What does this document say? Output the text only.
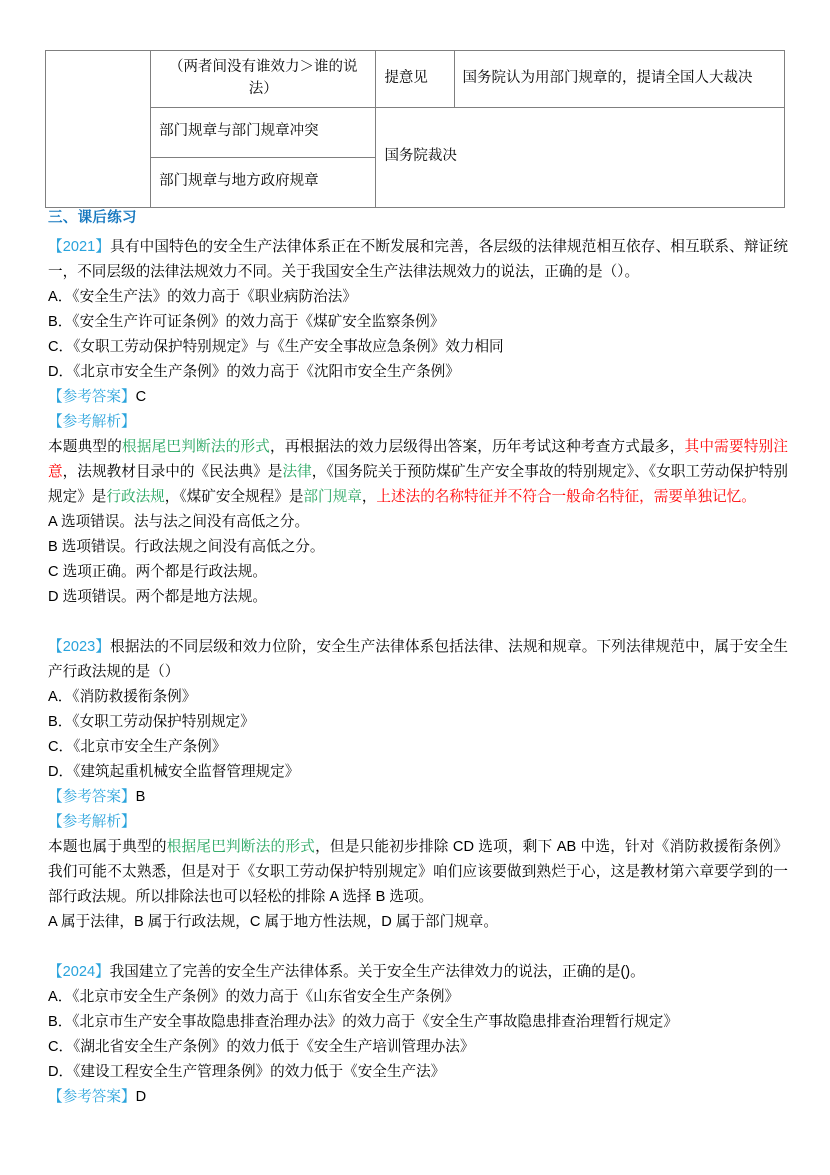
	（两者间没有谁效力＞谁的说法）	提意见	国务院认为用部门规章的，提请全国人大裁决
	部门规章与部门规章冲突	国务院裁决	
	部门规章与地方政府规章		
三、课后练习

【2021】具有中国特色的安全生产法律体系正在不断发展和完善，各层级的法律规范相互依存、相互联系、辩证统一，不同层级的法律法规效力不同。关于我国安全生产法律法规效力的说法，正确的是（）。

A．《安全生产法》的效力高于《职业病防治法》

B．《安全生产许可证条例》的效力高于《煤矿安全监察条例》

C．《女职工劳动保护特别规定》与《生产安全事故应急条例》效力相同

D．《北京市安全生产条例》的效力高于《沈阳市安全生产条例》

【参考答案】C

【参考解析】

本题典型的根据尾巴判断法的形式，再根据法的效力层级得出答案，历年考试这种考查方式最多，其中需要特别注意，法规教材目录中的《民法典》是法律，《国务院关于预防煤矿生产安全事故的特别规定》、《女职工劳动保护特别规定》是行政法规，《煤矿安全规程》是部门规章，上述法的名称特征并不符合一般命名特征，需要单独记忆。

A 选项错误。法与法之间没有高低之分。

B 选项错误。行政法规之间没有高低之分。

C 选项正确。两个都是行政法规。

D 选项错误。两个都是地方法规。

【2023】根据法的不同层级和效力位阶，安全生产法律体系包括法律、法规和规章。下列法律规范中，属于安全生产行政法规的是（）

A．《消防救援衔条例》

B．《女职工劳动保护特别规定》

C．《北京市安全生产条例》

D．《建筑起重机械安全监督管理规定》

【参考答案】B

【参考解析】

本题也属于典型的根据尾巴判断法的形式，但是只能初步排除 CD 选项，剩下 AB 中选，针对《消防救援衔条例》我们可能不太熟悉，但是对于《女职工劳动保护特别规定》咱们应该要做到熟烂于心，这是教材第六章要学到的一部行政法规。所以排除法也可以轻松的排除 A 选择 B 选项。

A 属于法律，B 属于行政法规，C 属于地方性法规，D 属于部门规章。

【2024】我国建立了完善的安全生产法律体系。关于安全生产法律效力的说法，正确的是()。

A．《北京市安全生产条例》的效力高于《山东省安全生产条例》

B．《北京市生产安全事故隐患排查治理办法》的效力高于《安全生产事故隐患排查治理暂行规定》

C．《湖北省安全生产条例》的效力低于《安全生产培训管理办法》

D．《建设工程安全生产管理条例》的效力低于《安全生产法》

【参考答案】D
